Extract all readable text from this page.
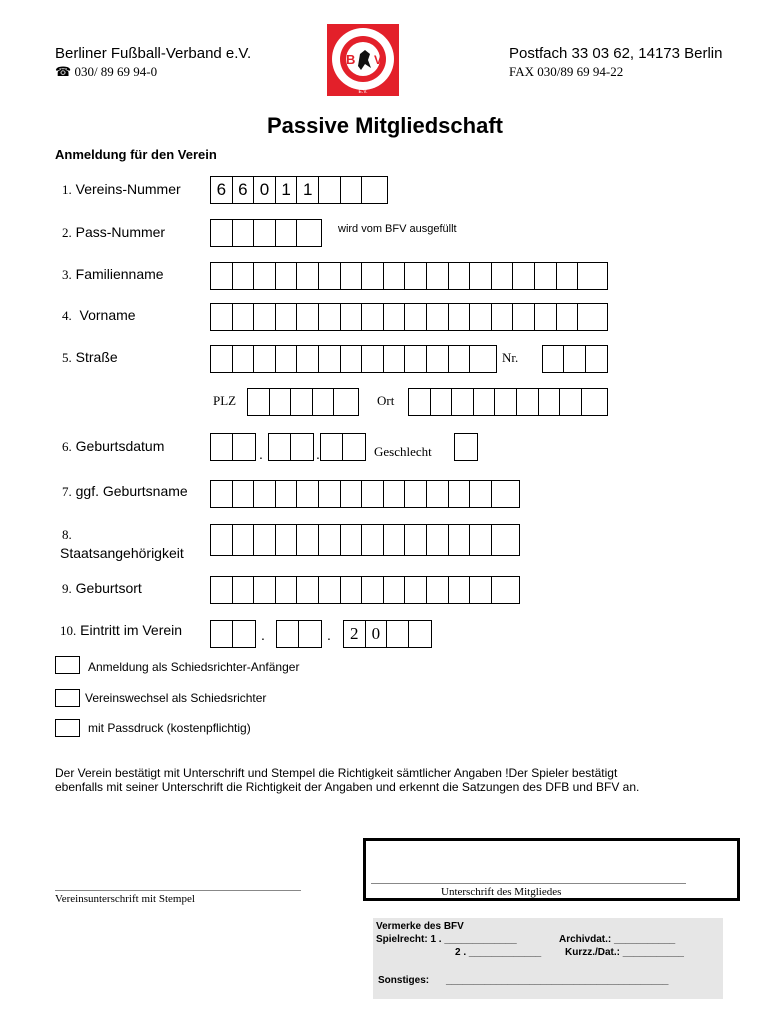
Berliner Fußball-Verband e.V.
☎ 030/ 89 69 94-0
Postfach 33 03 62, 14173 Berlin
FAX 030/89 69 94-22
B V
E.V.
Passive Mitgliedschaft
Anmeldung für den Verein
1. Vereins-Nummer	6 6 0 1 1
2. Pass-Nummer	wird vom BFV ausgefüllt
3. Familienname
4. Vorname
5. Straße	Nr.
PLZ	Ort
6. Geburtsdatum	.	.	Geschlecht
7. ggf. Geburtsname
8.
Staatsangehörigkeit
9. Geburtsort
10. Eintritt im Verein	.	.	2 0
Anmeldung als Schiedsrichter-Anfänger
Vereinswechsel als Schiedsrichter
mit Passdruck (kostenpflichtig)
Der Verein bestätigt mit Unterschrift und Stempel die Richtigkeit sämtlicher Angaben !Der Spieler bestätigt
ebenfalls mit seiner Unterschrift die Richtigkeit der Angaben und erkennt die Satzungen des DFB und BFV an.
Vereinsunterschrift mit Stempel
Unterschrift des Mitgliedes
Vermerke des BFV
Spielrecht: 1 . _____________	Archivdat.: ___________
2 . _____________ Kurzz./Dat.: ___________
Sonstiges: ________________________________________
